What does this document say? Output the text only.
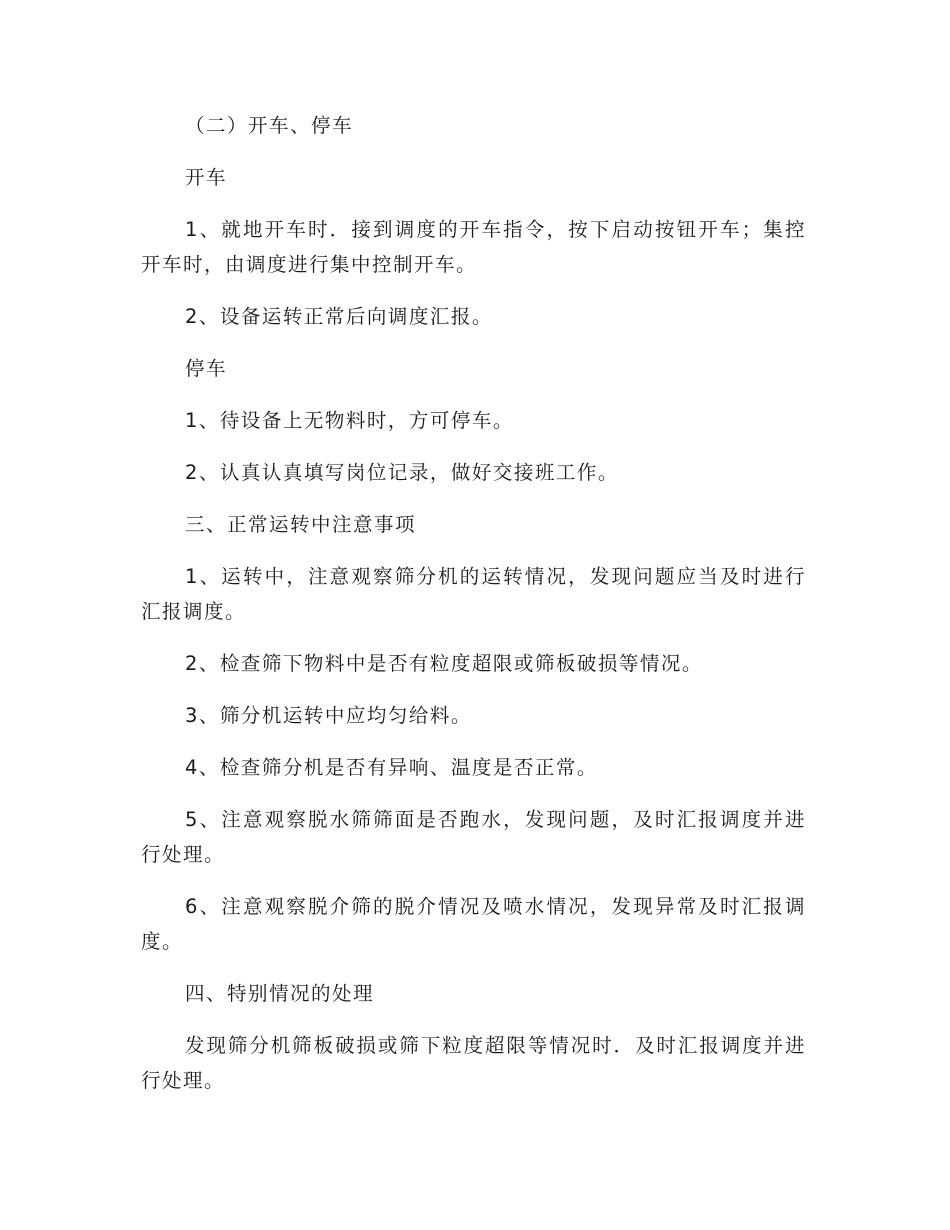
（二）开车、停车

开车

1、就地开车时．接到调度的开车指令，按下启动按钮开车；集控开车时，由调度进行集中控制开车。

2、设备运转正常后向调度汇报。

停车

1、待设备上无物料时，方可停车。

2、认真认真填写岗位记录，做好交接班工作。

三、正常运转中注意事项

1、运转中，注意观察筛分机的运转情况，发现问题应当及时进行汇报调度。

2、检查筛下物料中是否有粒度超限或筛板破损等情况。

3、筛分机运转中应均匀给料。

4、检查筛分机是否有异响、温度是否正常。

5、注意观察脱水筛筛面是否跑水，发现问题，及时汇报调度并进行处理。

6、注意观察脱介筛的脱介情况及喷水情况，发现异常及时汇报调度。

四、特别情况的处理

发现筛分机筛板破损或筛下粒度超限等情况时．及时汇报调度并进行处理。
